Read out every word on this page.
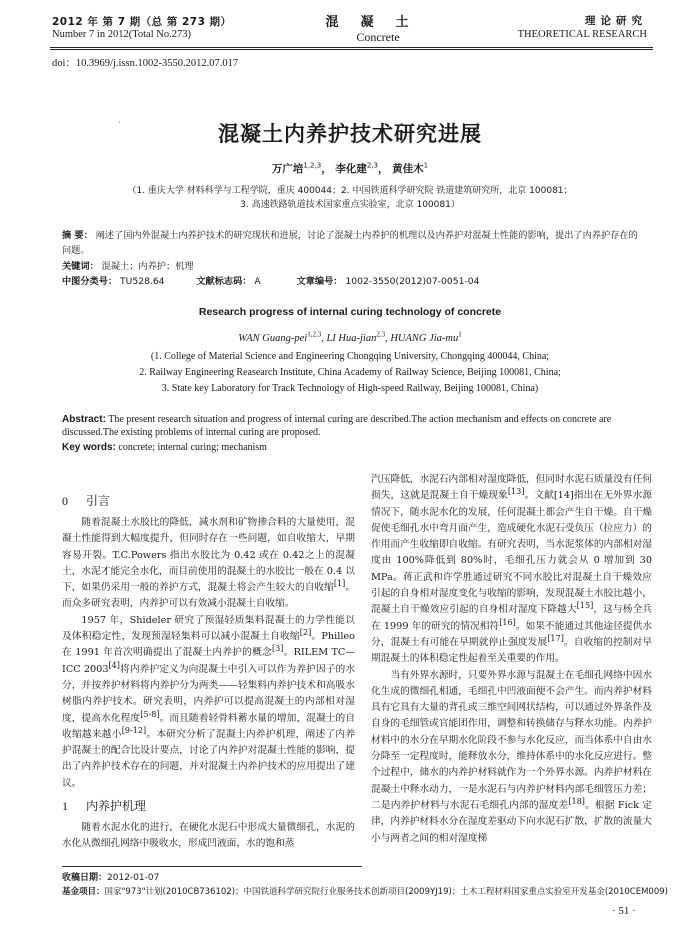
2012 年 第 7 期（总 第 273 期）
Number 7 in 2012(Total No.273)
混凝土
Concrete
理论研究
THEORETICAL RESEARCH
doi：10.3969/j.issn.1002-3550.2012.07.017
·	混凝土内养护技术研究进展
万广培$^{1,2,3}$， 李化建$^{2,3}$， 黄佳木$^1$
（1. 重庆大学 材料科学与工程学院，重庆 400044；2. 中国铁道科学研究院 铁道建筑研究所，北京 100081；
3. 高速铁路轨道技术国家重点实验室，北京 100081）
摘 要： 阐述了国内外混凝土内养护技术的研究现状和进展，讨论了混凝土内养护的机理以及内养护对混凝土性能的影响，提出了内养护存在的问题。
关键词： 混凝土；内养护；机理
中图分类号： TU528.64	文献标志码： A	文章编号： 1002-3550(2012)07-0051-04
Research progress of internal curing technology of concrete
WAN Guang-pei$^{1,2,3}$, LI Hua-jian$^{2,3}$, HUANG Jia-$mu^1$
(1. College of Material Science and Engineering Chongqing University, Chongqing 400044, China;
2. Railway Engineering Reasearch Institute, China Academy of Railway Science, Beijing 100081, China;
3. State key Laboratory for Track Technology of High-speed Railway, Beijing 100081, China)
Abstract: The present research situation and progress of internal curing are described.The action mechanism and effects on concrete are discussed.The existing problems of internal curing are proposed.
Key words: concrete; internal curing; mechanism
0 引言

随着混凝土水胶比的降低，减水剂和矿物掺合料的大量使用，混凝土性能得到大幅度提升，但同时存在一些问题，如自收缩大，早期容易开裂。T.C.Powers 指出水胶比为 0.42 或在 0.42之上的混凝土，水泥才能完全水化，而目前使用的混凝土的水胶比一般在 0.4 以下，如果仍采用一般的养护方式，混凝土将会产生较大的自收缩[1]。而众多研究表明，内养护可以有效减小混凝土自收缩。

1957 年，Shideler 研究了预湿轻质集料混凝土的力学性能以及体积稳定性，发现预湿轻集料可以减小混凝土自收缩[2]。Philleo 在 1991 年首次明确提出了混凝土内养护的概念[3]。RILEM TC—ICC 2003[4]将内养护定义为向混凝土中引入可以作为养护因子的水分，并按养护材料将内养护分为两类——轻集料内养护技术和高吸水树脂内养护技术。研究表明，内养护可以提高混凝土的内部相对湿度，提高水化程度[5-8]。而且随着轻骨料蓄水量的增加，混凝土的自收缩越来越小[9-12]。本研究分析了混凝土内养护机理，阐述了内养护混凝土的配合比设计要点，讨论了内养护对混凝土性能的影响，提出了内养护技术存在的问题，并对混凝土内养护技术的应用提出了建议。

1 内养护机理

随着水泥水化的进行，在硬化水泥石中形成大量微细孔，水泥的水化从微细孔网络中吸收水，形成凹液面，水的饱和蒸

汽压降低，水泥石内部相对湿度降低，但同时水泥石质量没有任何损失，这就是混凝土自干燥现象[13]。文献[14]指出在无外界水源情况下，随水泥水化的发展，任何混凝土都会产生自干燥。自干燥促使毛细孔水中弯月面产生，造成硬化水泥石受负压（拉应力）的作用而产生收缩即自收缩。有研究表明，当水泥浆体的内部相对湿度由 100%降低到 80%时，毛细孔压力就会从 0 增加到 30 MPa。蒋正武和许学胜通过研究不同水胶比对混凝土自干燥效应引起的自身相对湿度变化与收缩的影响，发现混凝土水胶比越小，混凝土自干燥效应引起的自身相对湿度下降越大[15]，这与杨全兵在 1999 年的研究的情况相符[16]。如果不能通过其他途径提供水分，混凝土有可能在早期就停止强度发展[17]。自收缩的控制对早期混凝土的体积稳定性起着至关重要的作用。

当有外界水源时，只要外界水源与混凝土在毛细孔网络中因水化生成的微细孔相通，毛细孔中凹液面便不会产生。而内养护材料具有它具有大量的背孔或三维空间网状结构，可以通过外界条件及自身的毛细管或官能团作用，调整和转换储存与释水功能。内养护材料中的水分在早期水化阶段不参与水化反应，而当体系中自由水分降至一定程度时，能释放水分，维持体系中的水化反应进行。整个过程中，储水的内养护材料就作为一个外界水源。内养护材料在混凝土中释水动力，一是水泥石与内养护材料内部毛细管压力差；二是内养护材料与水泥石毛细孔内部的湿度差[18]。根据 Fick 定律，内养护材料水分在湿度差驱动下向水泥石扩散，扩散的流量大小与两者之间的相对湿度梯

收稿日期：2012-01-07
基金项目：国家"973"计划(2010CB736102)；中国铁道科学研究院行业服务技术创新项目(2009YJ19)；土木工程材料国家重点实验室开发基金(2010CEM009)
· 51 ·
